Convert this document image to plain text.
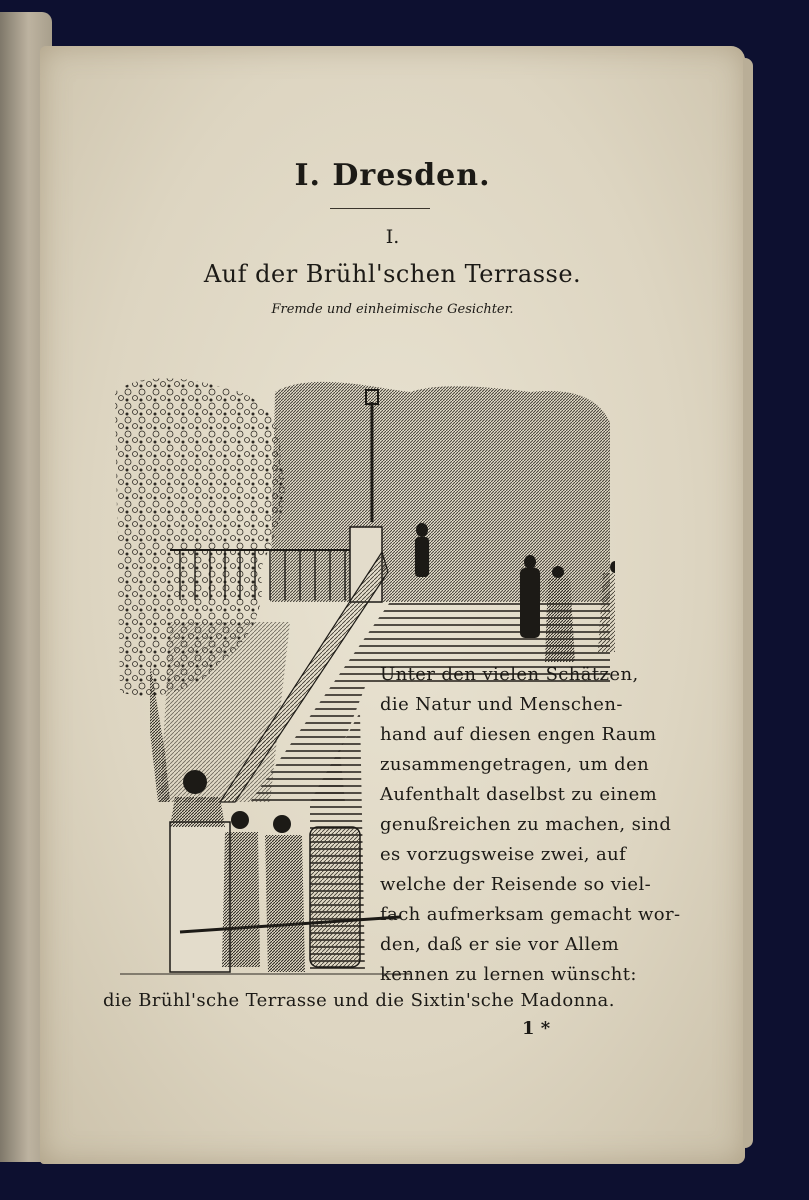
I. Dresden.
I.
Auf der Brühl'schen Terrasse.
Fremde und einheimische Gesichter.
Unter den vielen Schätzen,
die Natur und Menschen-
hand auf diesen engen Raum
zusammengetragen, um den
Aufenthalt daselbst zu einem
genußreichen zu machen, sind
es vorzugsweise zwei, auf
welche der Reisende so viel-
fach aufmerksam gemacht wor-
den, daß er sie vor Allem
kennen zu lernen wünscht:
die Brühl'sche Terrasse und die Sixtin'sche Madonna.
1 *
